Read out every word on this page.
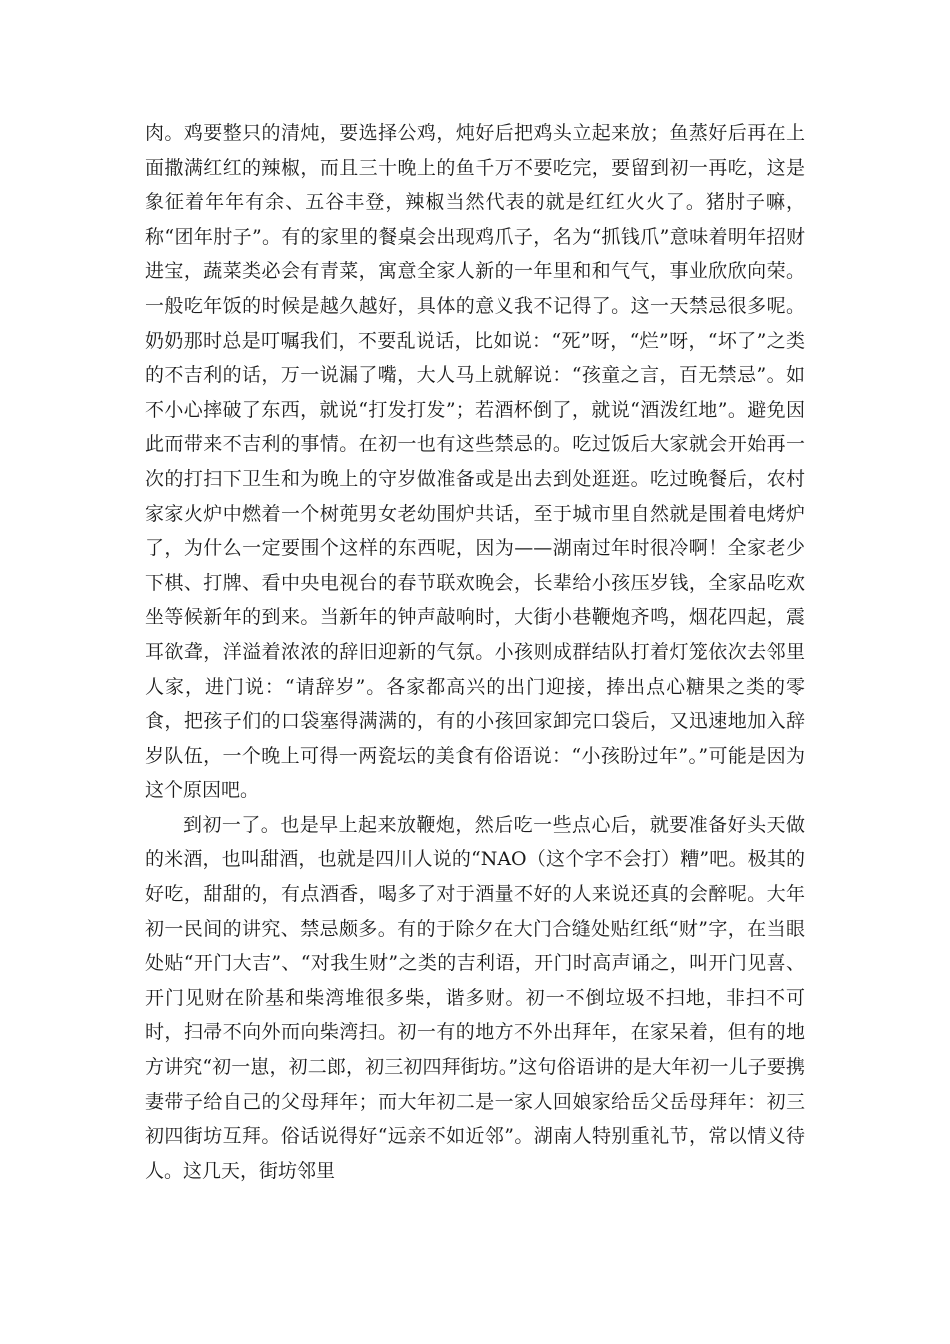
肉。鸡要整只的清炖，要选择公鸡，炖好后把鸡头立起来放；鱼蒸好后再在上面撒满红红的辣椒，而且三十晚上的鱼千万不要吃完，要留到初一再吃，这是象征着年年有余、五谷丰登，辣椒当然代表的就是红红火火了。猪肘子嘛，称“团年肘子”。有的家里的餐桌会出现鸡爪子，名为“抓钱爪”意味着明年招财进宝，蔬菜类必会有青菜，寓意全家人新的一年里和和气气，事业欣欣向荣。一般吃年饭的时候是越久越好，具体的意义我不记得了。这一天禁忌很多呢。奶奶那时总是叮嘱我们，不要乱说话，比如说：“死”呀，“烂”呀，“坏了”之类的不吉利的话，万一说漏了嘴，大人马上就解说：“孩童之言，百无禁忌”。如不小心摔破了东西，就说“打发打发”；若酒杯倒了，就说“酒泼红地”。避免因此而带来不吉利的事情。在初一也有这些禁忌的。吃过饭后大家就会开始再一次的打扫下卫生和为晚上的守岁做准备或是出去到处逛逛。吃过晚餐后，农村家家火炉中燃着一个树蔸男女老幼围炉共话，至于城市里自然就是围着电烤炉了，为什么一定要围个这样的东西呢，因为——湖南过年时很冷啊！全家老少下棋、打牌、看中央电视台的春节联欢晚会，长辈给小孩压岁钱，全家品吃欢坐等候新年的到来。当新年的钟声敲响时，大街小巷鞭炮齐鸣，烟花四起，震耳欲聋，洋溢着浓浓的辞旧迎新的气氛。小孩则成群结队打着灯笼依次去邻里人家，进门说：“请辞岁”。各家都高兴的出门迎接，捧出点心糖果之类的零食，把孩子们的口袋塞得满满的，有的小孩回家卸完口袋后，又迅速地加入辞岁队伍，一个晚上可得一两瓷坛的美食有俗语说：“小孩盼过年”。”可能是因为这个原因吧。

到初一了。也是早上起来放鞭炮，然后吃一些点心后，就要准备好头天做的米酒，也叫甜酒，也就是四川人说的“NAO（这个字不会打）糟”吧。极其的好吃，甜甜的，有点酒香，喝多了对于酒量不好的人来说还真的会醉呢。大年初一民间的讲究、禁忌颇多。有的于除夕在大门合缝处贴红纸“财”字，在当眼处贴“开门大吉”、“对我生财”之类的吉利语，开门时高声诵之，叫开门见喜、开门见财在阶基和柴湾堆很多柴，谐多财。初一不倒垃圾不扫地，非扫不可时，扫帚不向外而向柴湾扫。初一有的地方不外出拜年，在家呆着，但有的地方讲究“初一崽，初二郎，初三初四拜街坊。”这句俗语讲的是大年初一儿子要携妻带子给自己的父母拜年；而大年初二是一家人回娘家给岳父岳母拜年：初三初四街坊互拜。俗话说得好“远亲不如近邻”。湖南人特别重礼节，常以情义待人。这几天，街坊邻里
